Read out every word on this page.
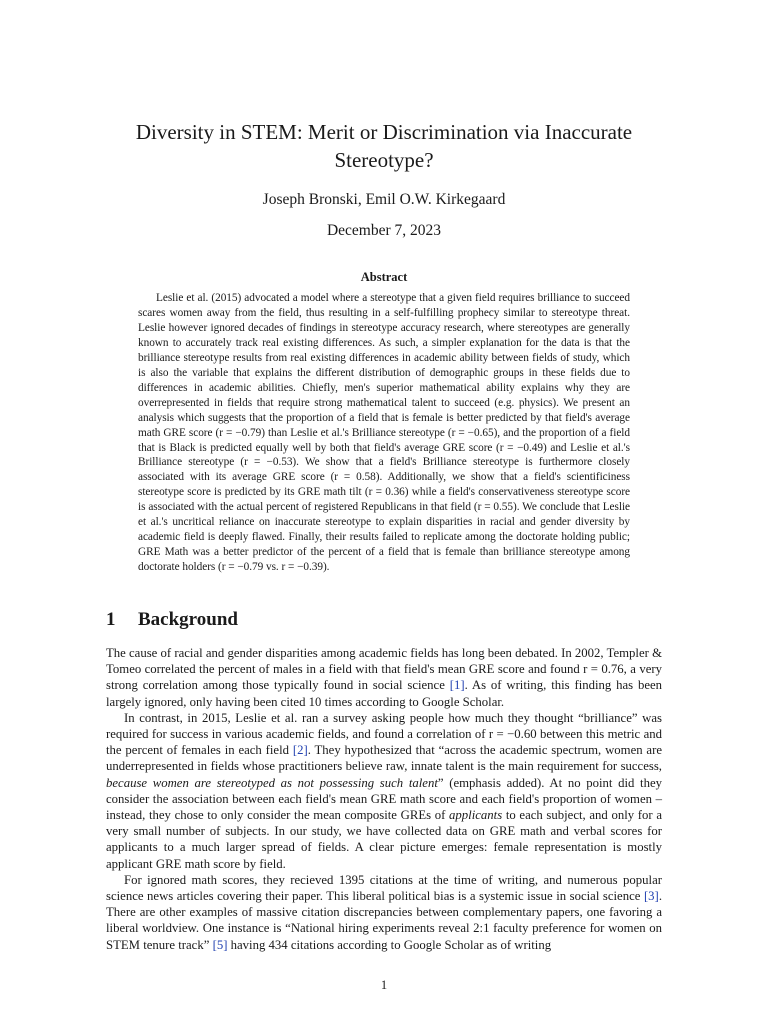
Diversity in STEM: Merit or Discrimination via Inaccurate Stereotype?

Joseph Bronski, Emil O.W. Kirkegaard

December 7, 2023

Abstract

Leslie et al. (2015) advocated a model where a stereotype that a given field requires brilliance to succeed scares women away from the field, thus resulting in a self-fulfilling prophecy similar to stereotype threat. Leslie however ignored decades of findings in stereotype accuracy research, where stereotypes are generally known to accurately track real existing differences. As such, a simpler explanation for the data is that the brilliance stereotype results from real existing differences in academic ability between fields of study, which is also the variable that explains the different distribution of demographic groups in these fields due to differences in academic abilities. Chiefly, men's superior mathematical ability explains why they are overrepresented in fields that require strong mathematical talent to succeed (e.g. physics). We present an analysis which suggests that the proportion of a field that is female is better predicted by that field's average math GRE score (r = −0.79) than Leslie et al.'s Brilliance stereotype (r = −0.65), and the proportion of a field that is Black is predicted equally well by both that field's average GRE score (r = −0.49) and Leslie et al.'s Brilliance stereotype (r = −0.53). We show that a field's Brilliance stereotype is furthermore closely associated with its average GRE score (r = 0.58). Additionally, we show that a field's scientificiness stereotype score is predicted by its GRE math tilt (r = 0.36) while a field's conservativeness stereotype score is associated with the actual percent of registered Republicans in that field (r = 0.55). We conclude that Leslie et al.'s uncritical reliance on inaccurate stereotype to explain disparities in racial and gender diversity by academic field is deeply flawed. Finally, their results failed to replicate among the doctorate holding public; GRE Math was a better predictor of the percent of a field that is female than brilliance stereotype among doctorate holders (r = −0.79 vs. r = −0.39).

1 Background

The cause of racial and gender disparities among academic fields has long been debated. In 2002, Templer & Tomeo correlated the percent of males in a field with that field's mean GRE score and found r = 0.76, a very strong correlation among those typically found in social science [1]. As of writing, this finding has been largely ignored, only having been cited 10 times according to Google Scholar.

In contrast, in 2015, Leslie et al. ran a survey asking people how much they thought “brilliance” was required for success in various academic fields, and found a correlation of r = −0.60 between this metric and the percent of females in each field [2]. They hypothesized that “across the academic spectrum, women are underrepresented in fields whose practitioners believe raw, innate talent is the main requirement for success, because women are stereotyped as not possessing such talent” (emphasis added). At no point did they consider the association between each field's mean GRE math score and each field's proportion of women – instead, they chose to only consider the mean composite GREs of applicants to each subject, and only for a very small number of subjects. In our study, we have collected data on GRE math and verbal scores for applicants to a much larger spread of fields. A clear picture emerges: female representation is mostly applicant GRE math score by field.

For ignored math scores, they recieved 1395 citations at the time of writing, and numerous popular science news articles covering their paper. This liberal political bias is a systemic issue in social science [3]. There are other examples of massive citation discrepancies between complementary papers, one favoring a liberal worldview. One instance is “National hiring experiments reveal 2:1 faculty preference for women on STEM tenure track” [5] having 434 citations according to Google Scholar as of writing

1
